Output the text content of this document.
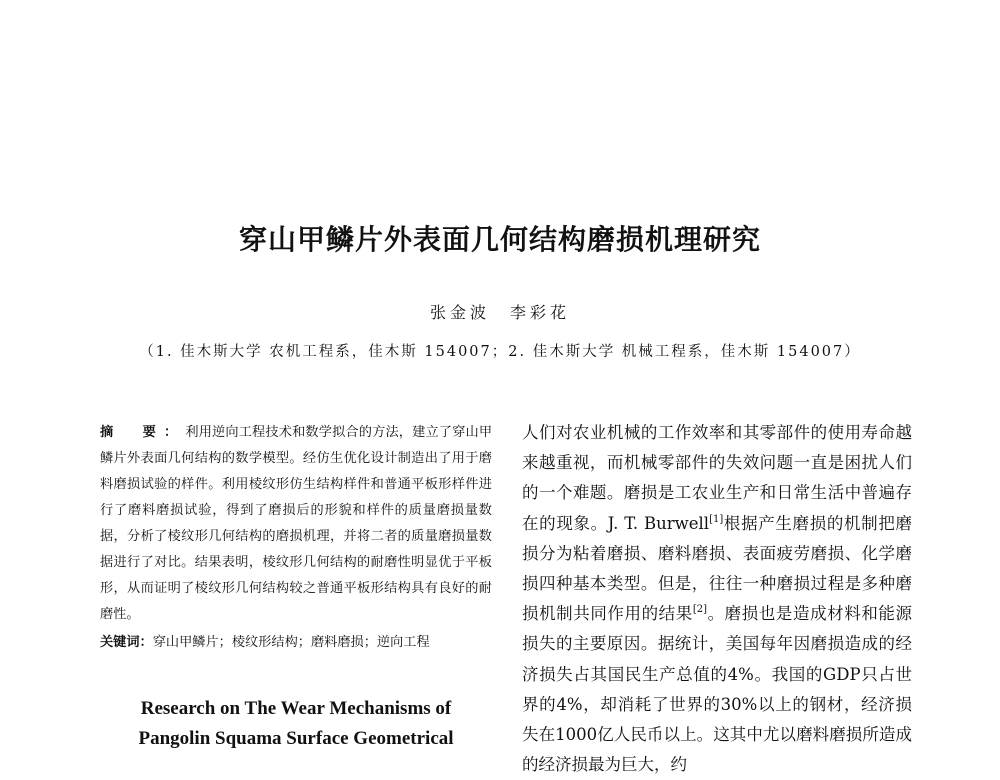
穿山甲鳞片外表面几何结构磨损机理研究
张金波　李彩花
（1. 佳木斯大学 农机工程系，佳木斯 154007；2. 佳木斯大学 机械工程系，佳木斯 154007）
摘　要：利用逆向工程技术和数学拟合的方法，建立了穿山甲鳞片外表面几何结构的数学模型。经仿生优化设计制造出了用于磨料磨损试验的样件。利用棱纹形仿生结构样件和普通平板形样件进行了磨料磨损试验，得到了磨损后的形貌和样件的质量磨损量数据，分析了棱纹形几何结构的磨损机理，并将二者的质量磨损量数据进行了对比。结果表明，棱纹形几何结构的耐磨性明显优于平板形，从而证明了棱纹形几何结构较之普通平板形结构具有良好的耐磨性。
关键词：穿山甲鳞片；棱纹形结构；磨料磨损；逆向工程
Research on The Wear Mechanisms of
Pangolin Squama Surface Geometrical
人们对农业机械的工作效率和其零部件的使用寿命越来越重视，而机械零部件的失效问题一直是困扰人们的一个难题。磨损是工农业生产和日常生活中普遍存在的现象。J. T. Burwell[1]根据产生磨损的机制把磨损分为粘着磨损、磨料磨损、表面疲劳磨损、化学磨损四种基本类型。但是，往往一种磨损过程是多种磨损机制共同作用的结果[2]。磨损也是造成材料和能源损失的主要原因。据统计，美国每年因磨损造成的经济损失占其国民生产总值的4%。我国的GDP只占世界的4%，却消耗了世界的30%以上的钢材，经济损失在1000亿人民币以上。这其中尤以磨料磨损所造成的经济损最为巨大，约
